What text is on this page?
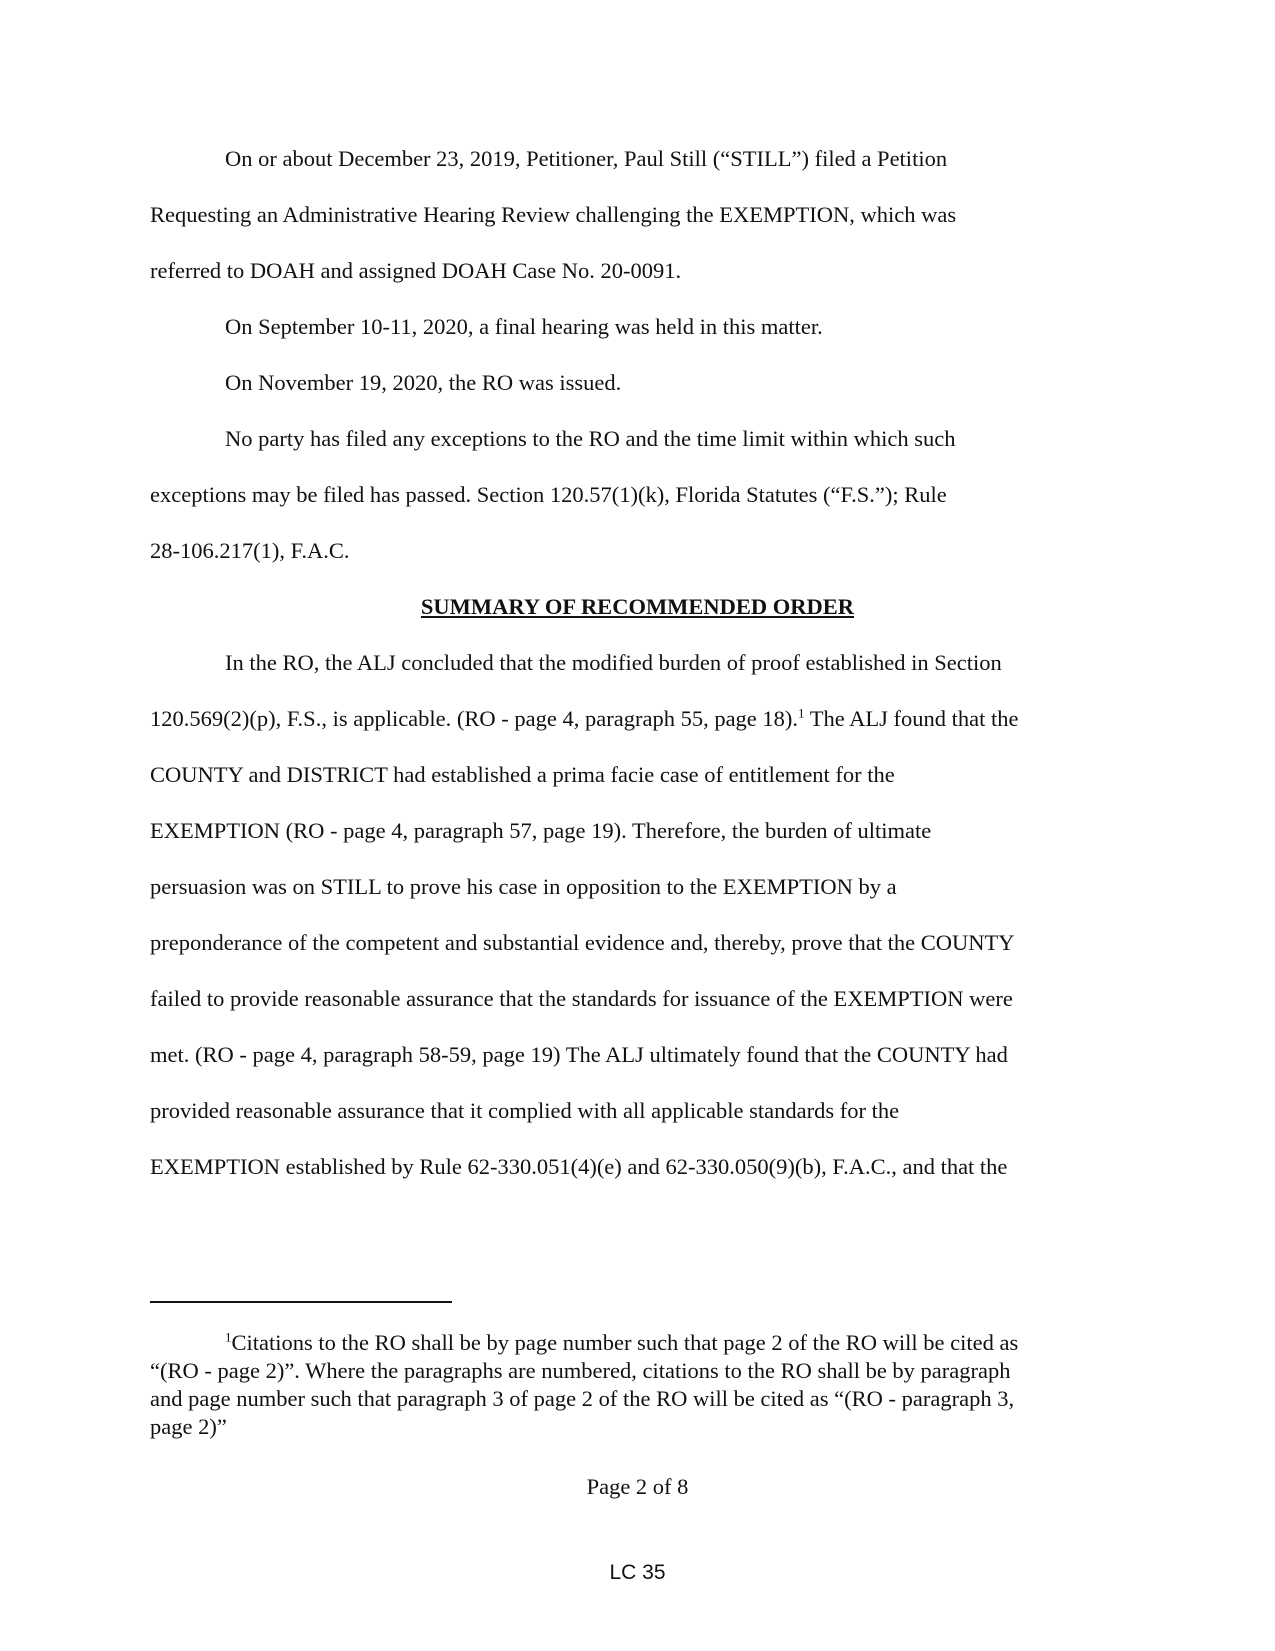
On or about December 23, 2019, Petitioner, Paul Still (“STILL”) filed a Petition
Requesting an Administrative Hearing Review challenging the EXEMPTION, which was
referred to DOAH and assigned DOAH Case No. 20-0091.
On September 10-11, 2020, a final hearing was held in this matter.
On November 19, 2020, the RO was issued.
No party has filed any exceptions to the RO and the time limit within which such
exceptions may be filed has passed. Section 120.57(1)(k), Florida Statutes (“F.S.”); Rule
28-106.217(1), F.A.C.
SUMMARY OF RECOMMENDED ORDER
In the RO, the ALJ concluded that the modified burden of proof established in Section
120.569(2)(p), F.S., is applicable. (RO - page 4, paragraph 55, page 18).$^1$ The ALJ found that the
COUNTY and DISTRICT had established a prima facie case of entitlement for the
EXEMPTION (RO - page 4, paragraph 57, page 19). Therefore, the burden of ultimate
persuasion was on STILL to prove his case in opposition to the EXEMPTION by a
preponderance of the competent and substantial evidence and, thereby, prove that the COUNTY
failed to provide reasonable assurance that the standards for issuance of the EXEMPTION were
met. (RO - page 4, paragraph 58-59, page 19) The ALJ ultimately found that the COUNTY had
provided reasonable assurance that it complied with all applicable standards for the
EXEMPTION established by Rule 62-330.051(4)(e) and 62-330.050(9)(b), F.A.C., and that the
$^1$Citations to the RO shall be by page number such that page 2 of the RO will be cited as
“(RO - page 2)”. Where the paragraphs are numbered, citations to the RO shall be by paragraph
and page number such that paragraph 3 of page 2 of the RO will be cited as “(RO - paragraph 3,
page 2)”
Page 2 of 8
LC 35
